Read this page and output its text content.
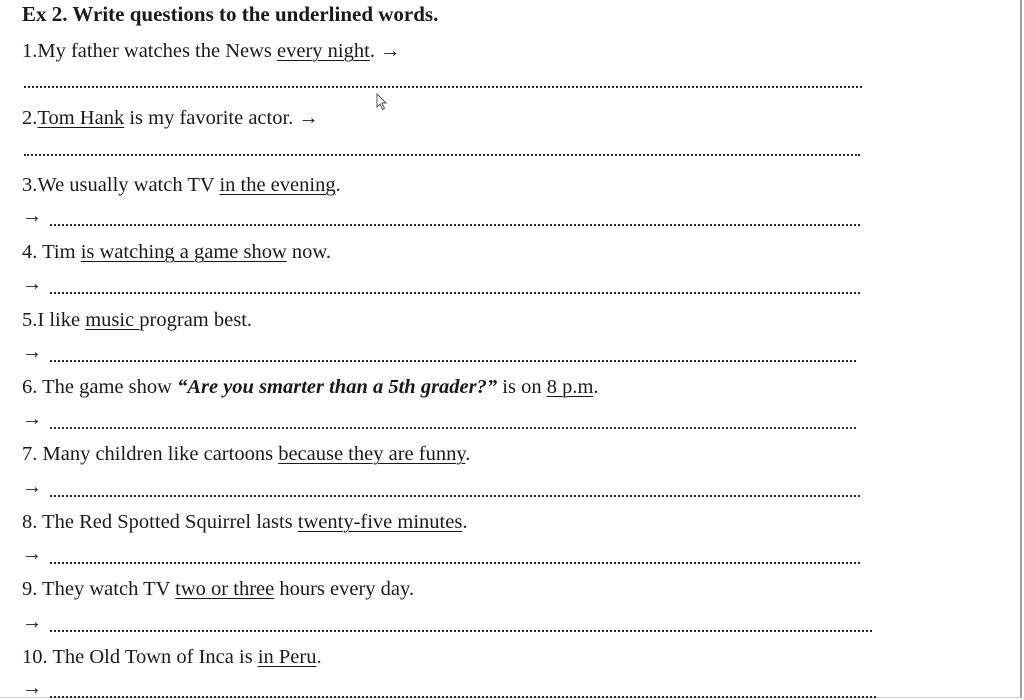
Ex 2. Write questions to the underlined words.
1.My father watches the News every night. →
2.Tom Hank is my favorite actor. →
3.We usually watch TV in the evening.
→
4. Tim is watching a game show now.
→
5.I like music program best.
→
6. The game show “Are you smarter than a 5th grader?” is on 8 p.m.
→
7. Many children like cartoons because they are funny.
→
8. The Red Spotted Squirrel lasts twenty-five minutes.
→
9. They watch TV two or three hours every day.
→
10. The Old Town of Inca is in Peru.
→
